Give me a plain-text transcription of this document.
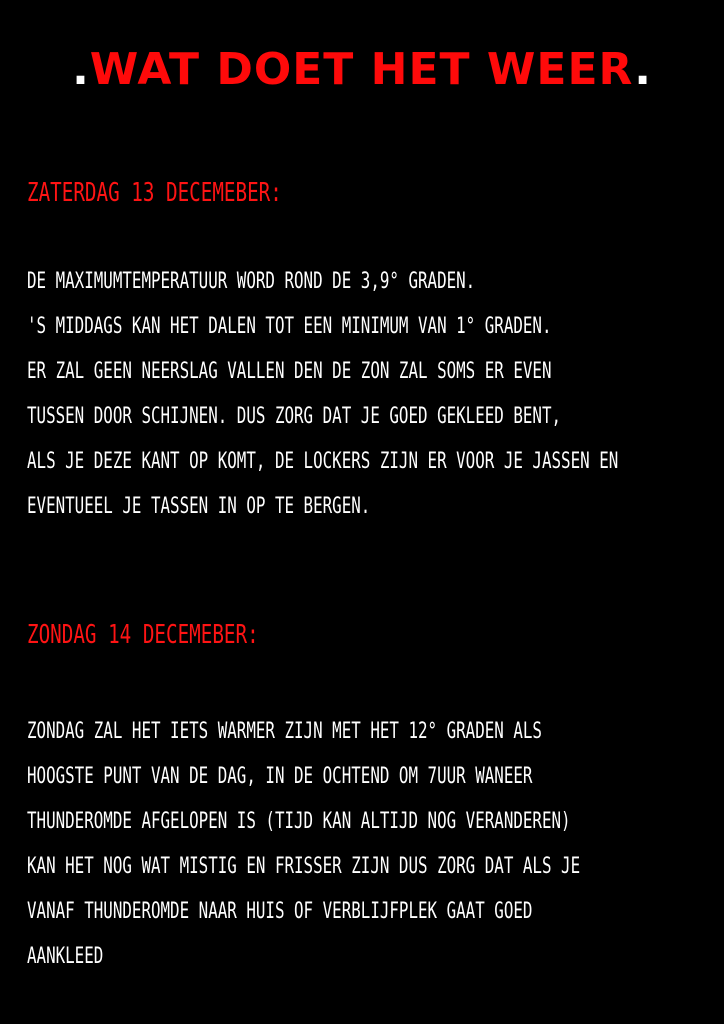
.WAT DOET HET WEER.
ZATERDAG 13 DECEMEBER:
DE MAXIMUMTEMPERATUUR WORD ROND DE 3,9° GRADEN.
'S MIDDAGS KAN HET DALEN TOT EEN MINIMUM VAN 1° GRADEN.
ER ZAL GEEN NEERSLAG VALLEN DEN DE ZON ZAL SOMS ER EVEN
TUSSEN DOOR SCHIJNEN. DUS ZORG DAT JE GOED GEKLEED BENT,
ALS JE DEZE KANT OP KOMT, DE LOCKERS ZIJN ER VOOR JE JASSEN EN
EVENTUEEL JE TASSEN IN OP TE BERGEN.
ZONDAG 14 DECEMEBER:
ZONDAG ZAL HET IETS WARMER ZIJN MET HET 12° GRADEN ALS
HOOGSTE PUNT VAN DE DAG, IN DE OCHTEND OM 7UUR WANEER
THUNDEROMDE AFGELOPEN IS (TIJD KAN ALTIJD NOG VERANDEREN)
KAN HET NOG WAT MISTIG EN FRISSER ZIJN DUS ZORG DAT ALS JE
VANAF THUNDEROMDE NAAR HUIS OF VERBLIJFPLEK GAAT GOED
AANKLEED
